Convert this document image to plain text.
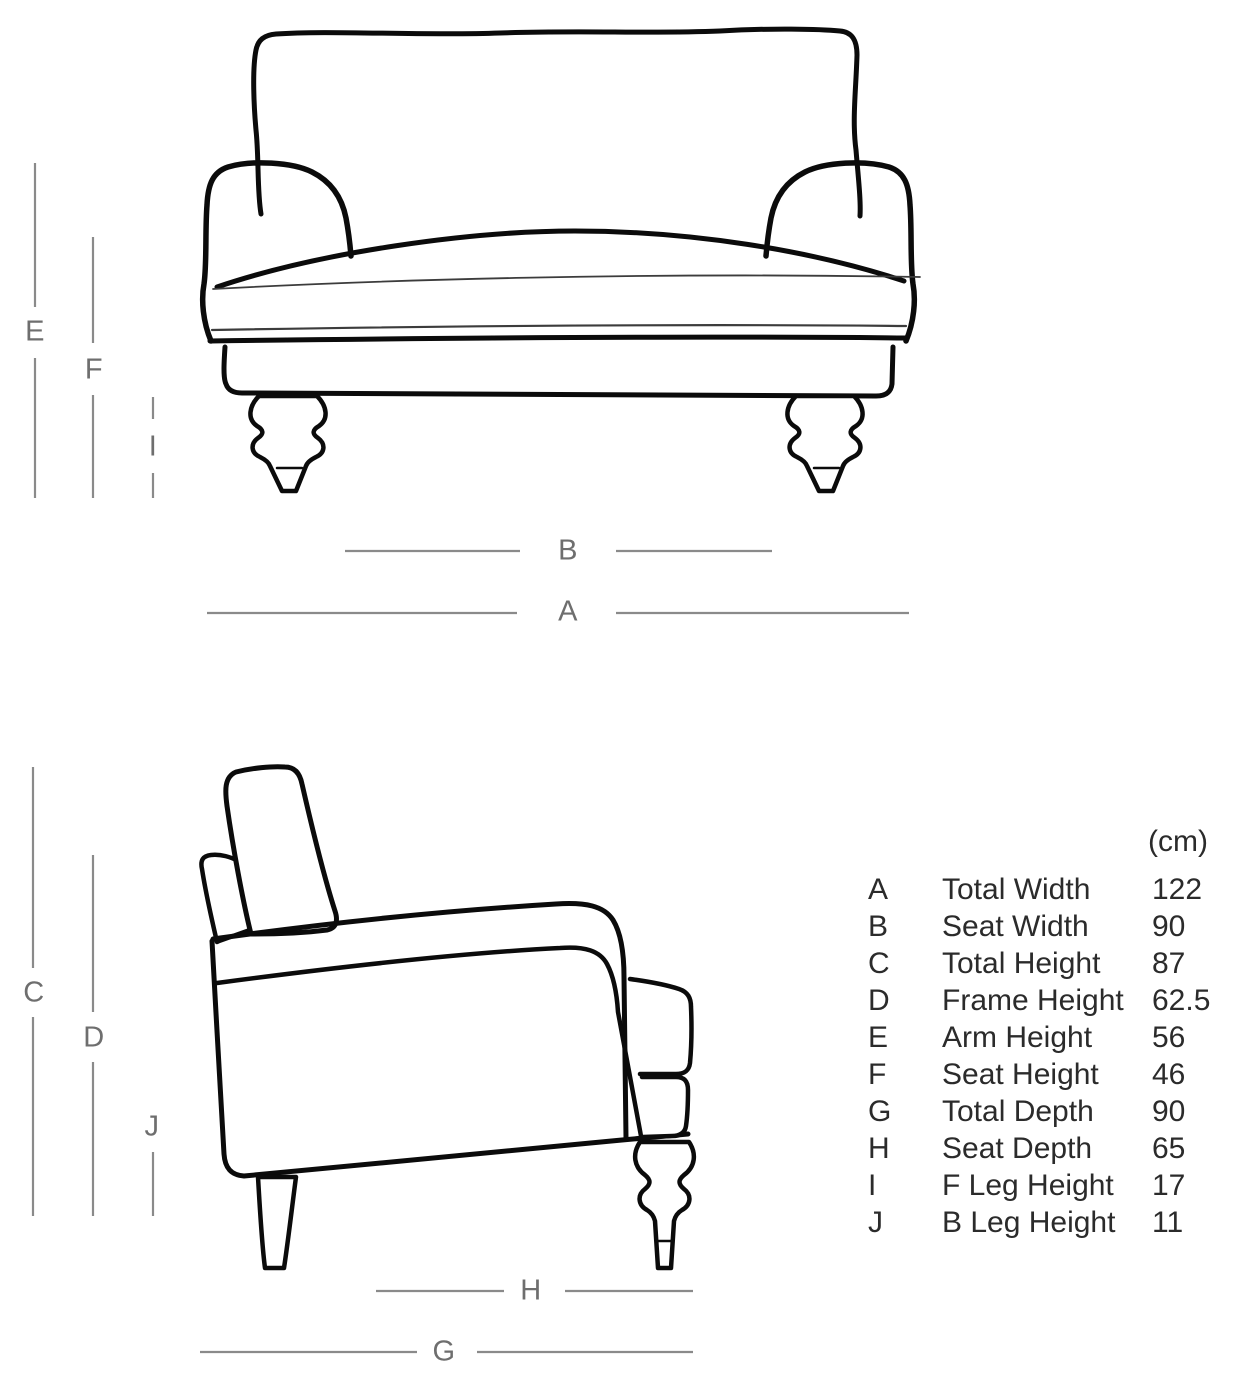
E
F
I
B
A
C
D
J
H
G
(cm)
A	Total Width	122
B	Seat Width	90
C	Total Height	87
D	Frame Height 62.5
E	Arm Height	56
F	Seat Height	46
G	Total Depth	90
H	Seat Depth	65
I	F Leg Height	17
J	B Leg Height	11
